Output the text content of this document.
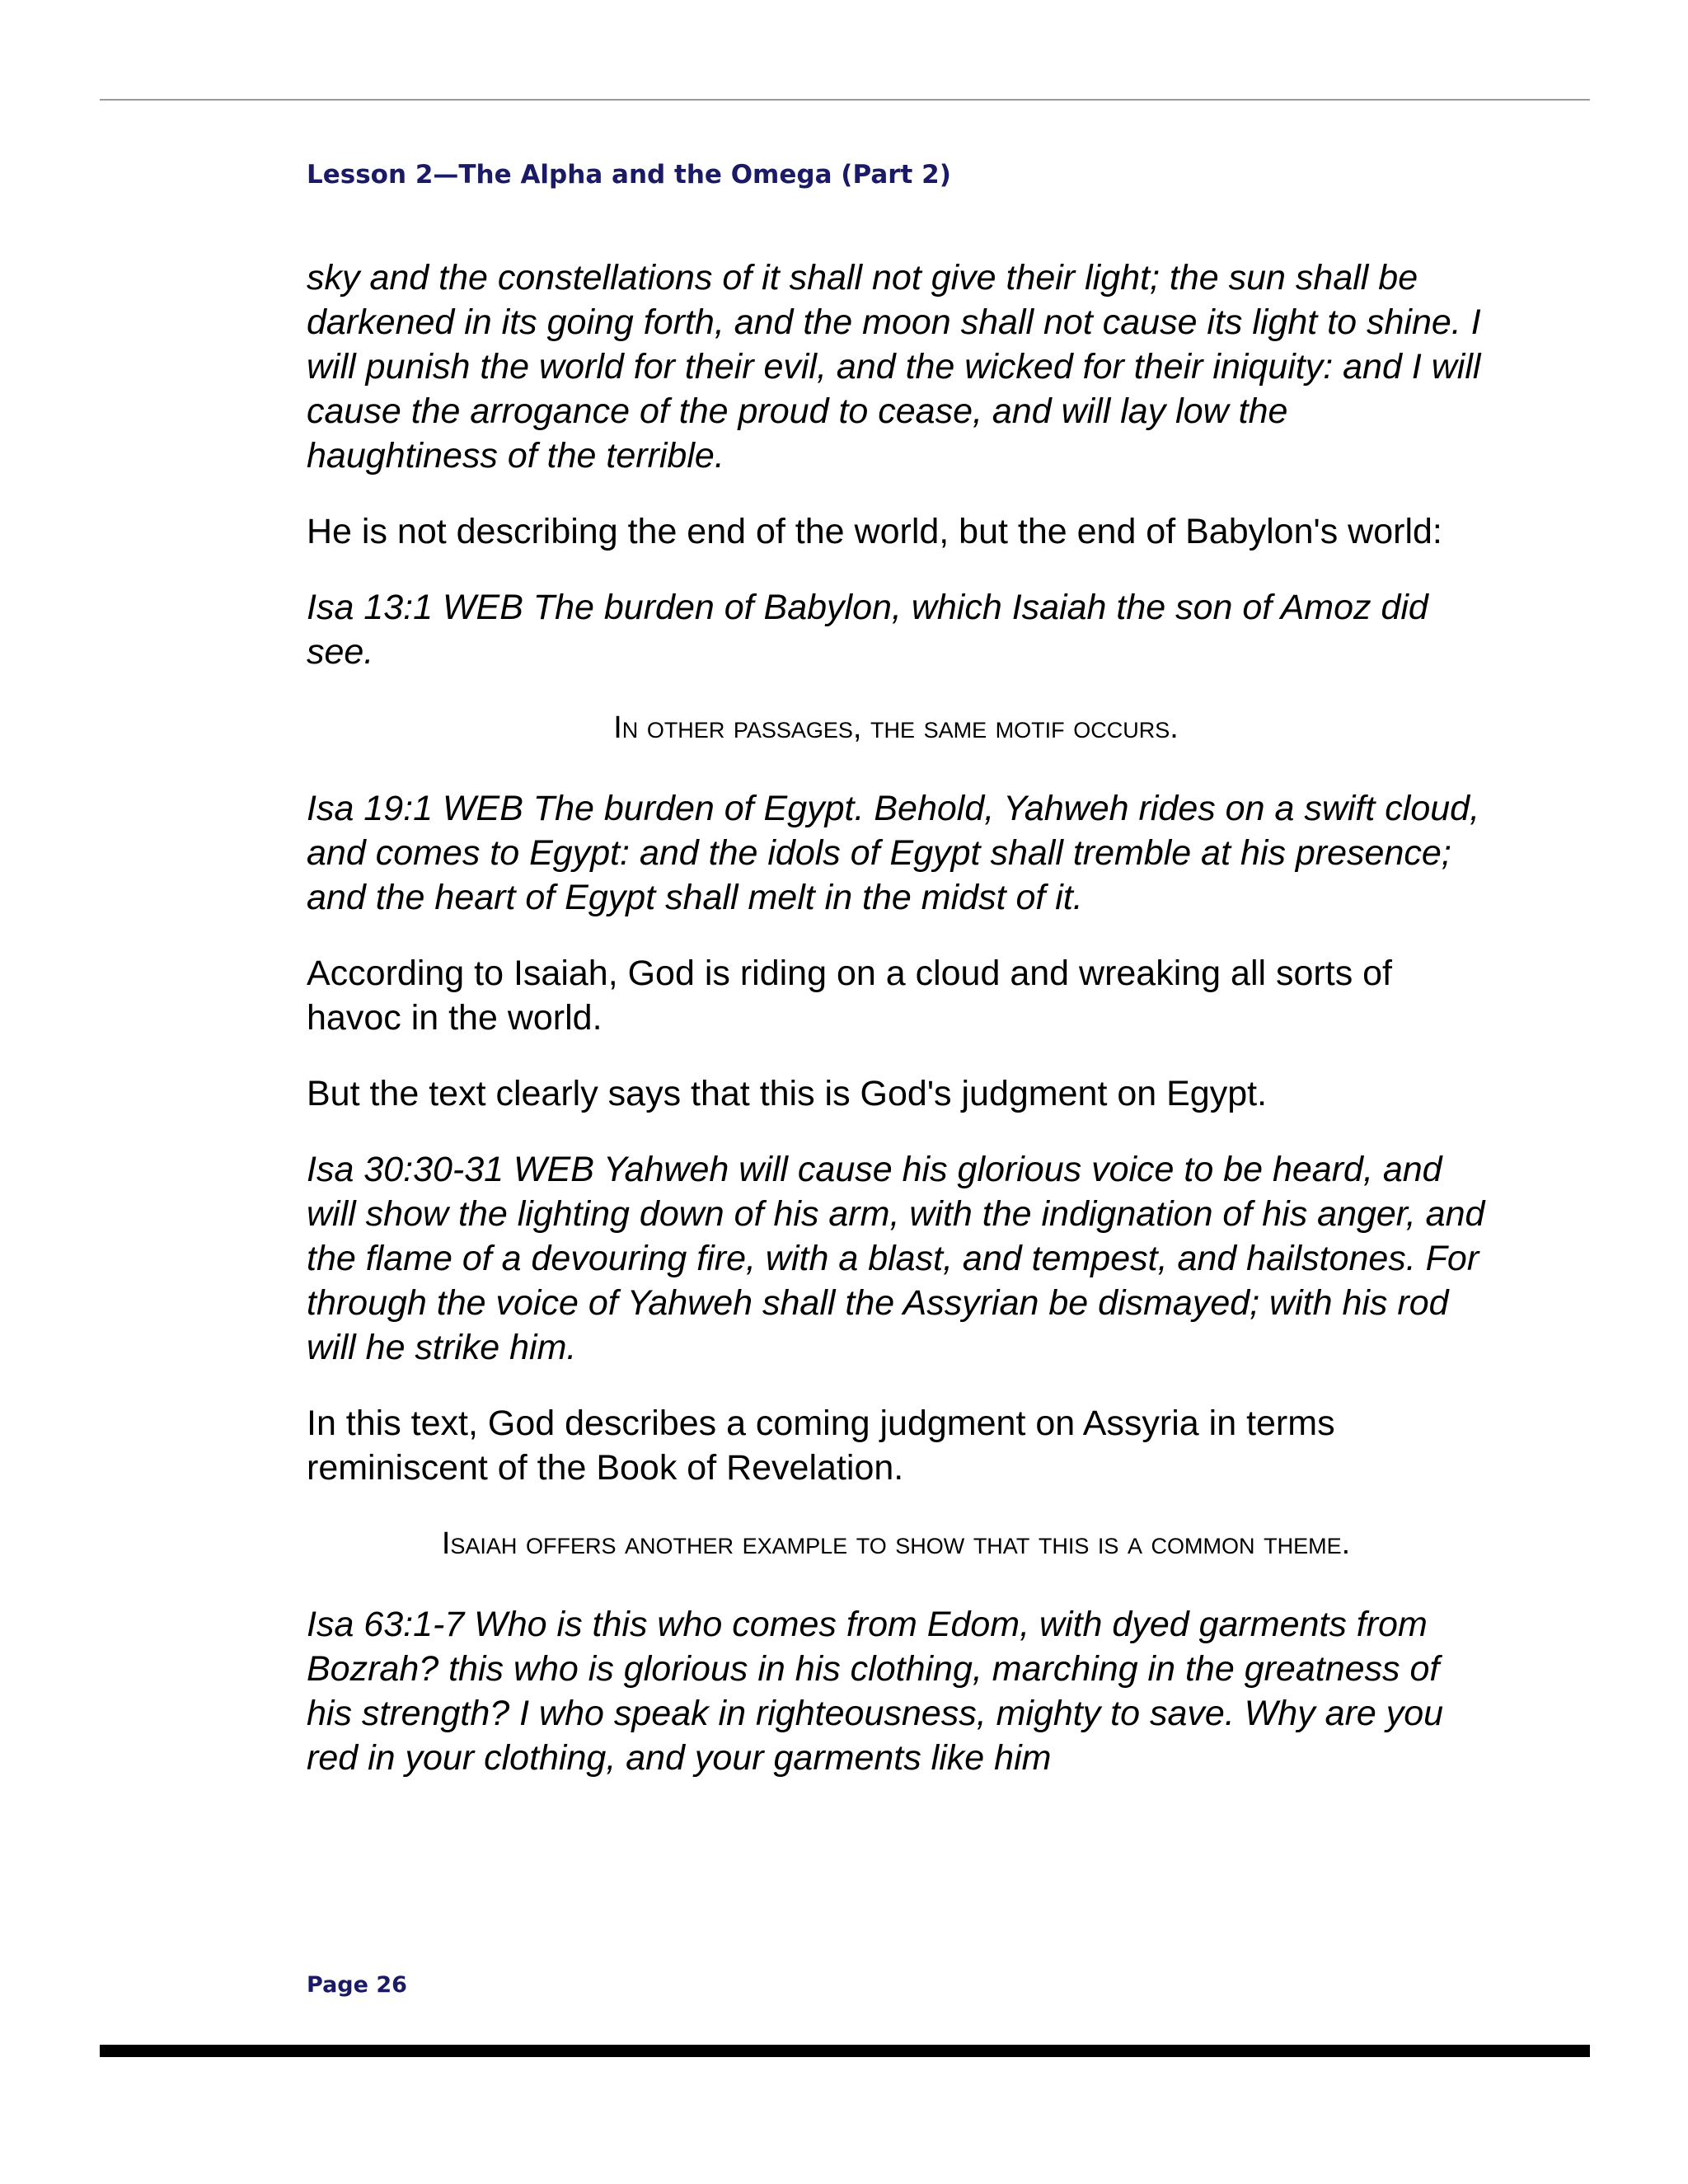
Lesson 2—The Alpha and the Omega (Part 2)

sky and the constellations of it shall not give their light; the sun shall be darkened in its going forth, and the moon shall not cause its light to shine. I will punish the world for their evil, and the wicked for their iniquity: and I will cause the arrogance of the proud to cease, and will lay low the haughtiness of the terrible.

He is not describing the end of the world, but the end of Babylon's world:

Isa 13:1 WEB The burden of Babylon, which Isaiah the son of Amoz did see.

In other passages, the same motif occurs.

Isa 19:1 WEB The burden of Egypt. Behold, Yahweh rides on a swift cloud, and comes to Egypt: and the idols of Egypt shall tremble at his presence; and the heart of Egypt shall melt in the midst of it.

According to Isaiah, God is riding on a cloud and wreaking all sorts of havoc in the world.

But the text clearly says that this is God's judgment on Egypt.

Isa 30:30-31 WEB Yahweh will cause his glorious voice to be heard, and will show the lighting down of his arm, with the indignation of his anger, and the flame of a devouring fire, with a blast, and tempest, and hailstones. For through the voice of Yahweh shall the Assyrian be dismayed; with his rod will he strike him.

In this text, God describes a coming judgment on Assyria in terms reminiscent of the Book of Revelation.

Isaiah offers another example to show that this is a common theme.

Isa 63:1-7 Who is this who comes from Edom, with dyed garments from Bozrah? this who is glorious in his clothing, marching in the greatness of his strength? I who speak in righteousness, mighty to save. Why are you red in your clothing, and your garments like him

Page 26
